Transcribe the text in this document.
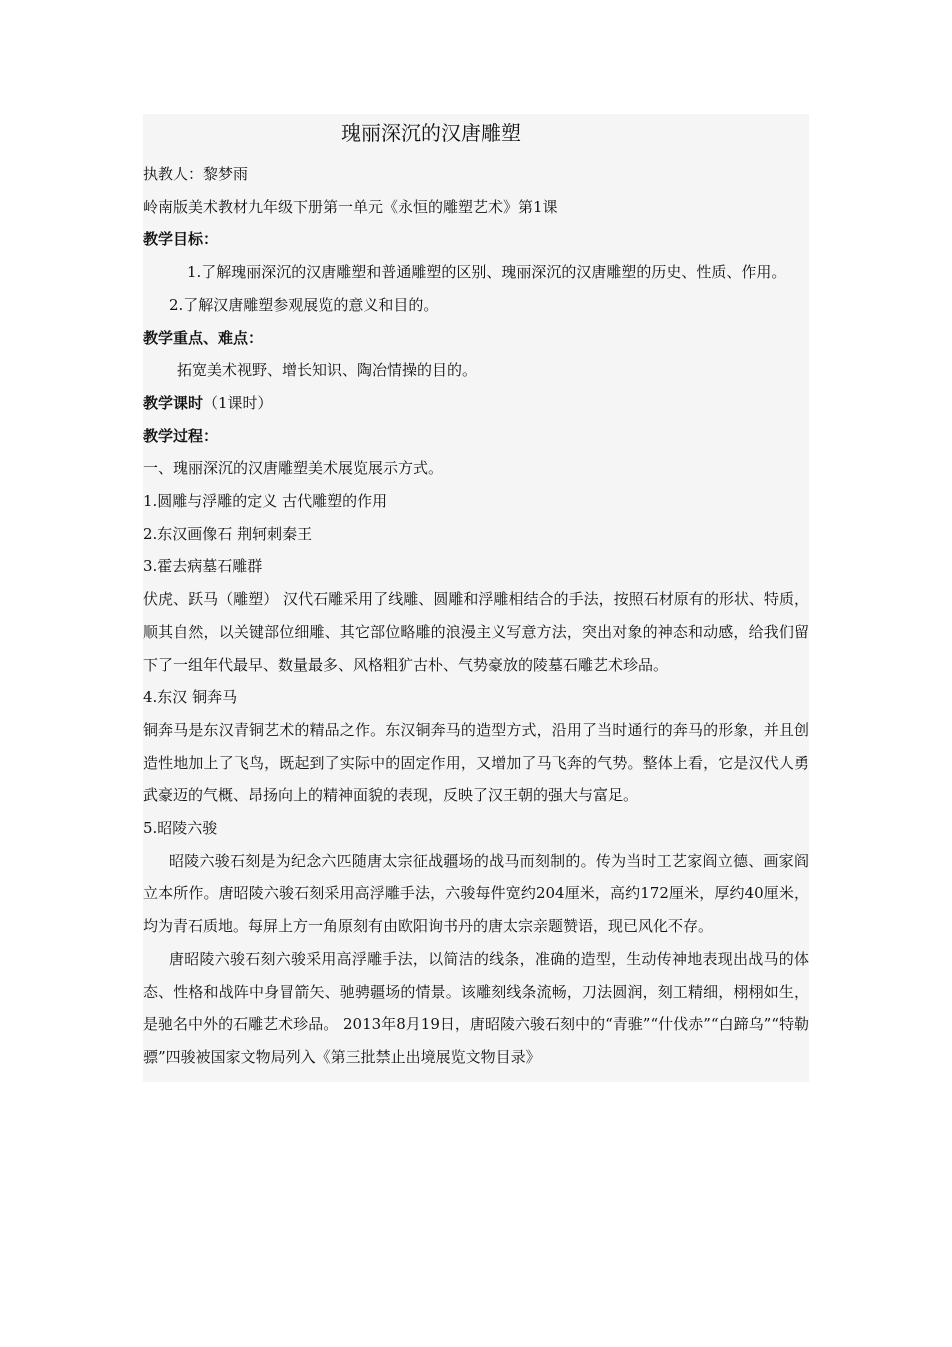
瑰丽深沉的汉唐雕塑

执教人：黎梦雨

岭南版美术教材九年级下册第一单元《永恒的雕塑艺术》第1课

教学目标：

1.了解瑰丽深沉的汉唐雕塑和普通雕塑的区别、瑰丽深沉的汉唐雕塑的历史、性质、作用。

2.了解汉唐雕塑参观展览的意义和目的。

教学重点、难点：

拓宽美术视野、增长知识、陶冶情操的目的。

教学课时（1课时）

教学过程：

一、瑰丽深沉的汉唐雕塑美术展览展示方式。

1.圆雕与浮雕的定义 古代雕塑的作用

2.东汉画像石 荆轲刺秦王

3.霍去病墓石雕群

伏虎、跃马（雕塑） 汉代石雕采用了线雕、圆雕和浮雕相结合的手法，按照石材原有的形状、特质，顺其自然，以关键部位细雕、其它部位略雕的浪漫主义写意方法，突出对象的神态和动感，给我们留下了一组年代最早、数量最多、风格粗犷古朴、气势豪放的陵墓石雕艺术珍品。

4.东汉 铜奔马

铜奔马是东汉青铜艺术的精品之作。东汉铜奔马的造型方式，沿用了当时通行的奔马的形象，并且创造性地加上了飞鸟，既起到了实际中的固定作用，又增加了马飞奔的气势。整体上看，它是汉代人勇武豪迈的气概、昂扬向上的精神面貌的表现，反映了汉王朝的强大与富足。

5.昭陵六骏

昭陵六骏石刻是为纪念六匹随唐太宗征战疆场的战马而刻制的。传为当时工艺家阎立德、画家阎立本所作。唐昭陵六骏石刻采用高浮雕手法，六骏每件宽约204厘米，高约172厘米，厚约40厘米，均为青石质地。每屏上方一角原刻有由欧阳询书丹的唐太宗亲题赞语，现已风化不存。

唐昭陵六骏石刻六骏采用高浮雕手法，以简洁的线条，准确的造型，生动传神地表现出战马的体态、性格和战阵中身冒箭矢、驰骋疆场的情景。该雕刻线条流畅，刀法圆润，刻工精细，栩栩如生，是驰名中外的石雕艺术珍品。 2013年8月19日，唐昭陵六骏石刻中的“青骓”“什伐赤”“白蹄乌”“特勒骠”四骏被国家文物局列入《第三批禁止出境展览文物目录》
